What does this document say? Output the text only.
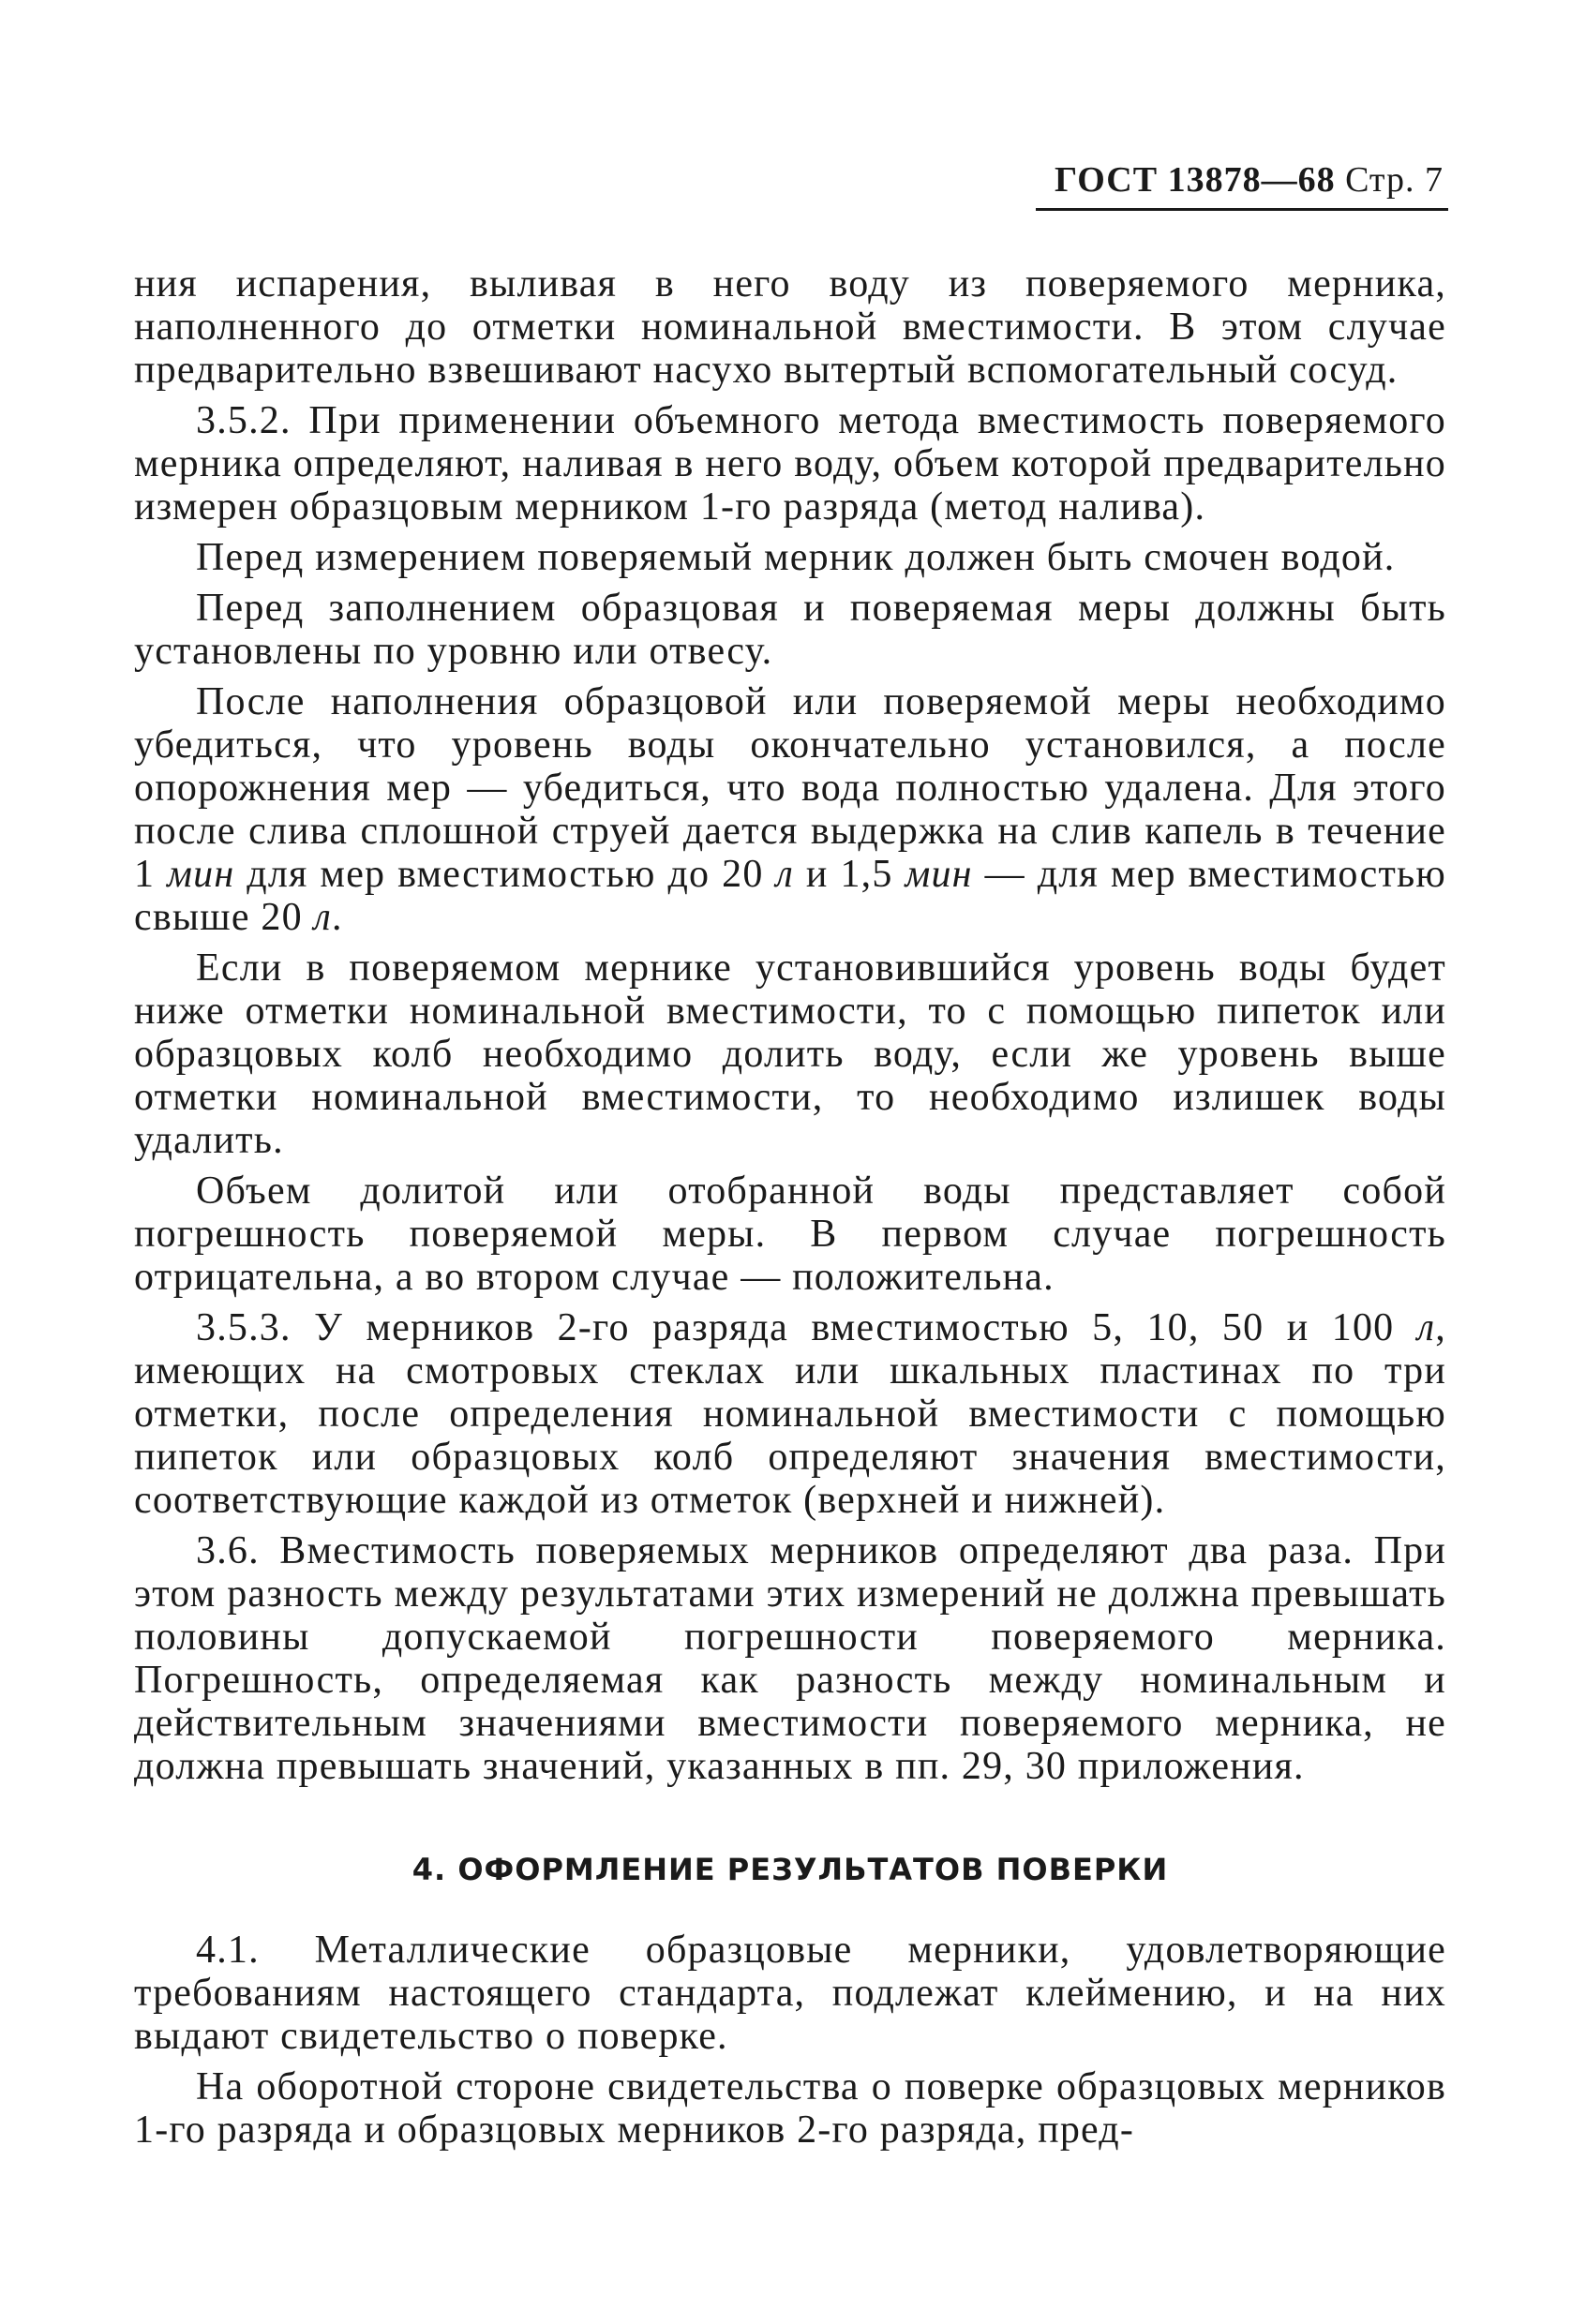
ГОСТ 13878—68 Стр. 7

ния испарения, выливая в него воду из поверяемого мерника, наполненного до отметки номинальной вместимости. В этом случае предварительно взвешивают насухо вытертый вспомогательный сосуд.

3.5.2. При применении объемного метода вместимость поверяемого мерника определяют, наливая в него воду, объем которой предварительно измерен образцовым мерником 1-го разряда (метод налива).

Перед измерением поверяемый мерник должен быть смочен водой.

Перед заполнением образцовая и поверяемая меры должны быть установлены по уровню или отвесу.

После наполнения образцовой или поверяемой меры необходимо убедиться, что уровень воды окончательно установился, а после опорожнения мер — убедиться, что вода полностью удалена. Для этого после слива сплошной струей дается выдержка на слив капель в течение 1 мин для мер вместимостью до 20 л и 1,5 мин — для мер вместимостью свыше 20 л.

Если в поверяемом мернике установившийся уровень воды будет ниже отметки номинальной вместимости, то с помощью пипеток или образцовых колб необходимо долить воду, если же уровень выше отметки номинальной вместимости, то необходимо излишек воды удалить.

Объем долитой или отобранной воды представляет собой погрешность поверяемой меры. В первом случае погрешность отрицательна, а во втором случае — положительна.

3.5.3. У мерников 2-го разряда вместимостью 5, 10, 50 и 100 л, имеющих на смотровых стеклах или шкальных пластинах по три отметки, после определения номинальной вместимости с помощью пипеток или образцовых колб определяют значения вместимости, соответствующие каждой из отметок (верхней и нижней).

3.6. Вместимость поверяемых мерников определяют два раза. При этом разность между результатами этих измерений не должна превышать половины допускаемой погрешности поверяемого мерника. Погрешность, определяемая как разность между номинальным и действительным значениями вместимости поверяемого мерника, не должна превышать значений, указанных в пп. 29, 30 приложения.

4. ОФОРМЛЕНИЕ РЕЗУЛЬТАТОВ ПОВЕРКИ

4.1. Металлические образцовые мерники, удовлетворяющие требованиям настоящего стандарта, подлежат клеймению, и на них выдают свидетельство о поверке.

На оборотной стороне свидетельства о поверке образцовых мерников 1-го разряда и образцовых мерников 2-го разряда, пред-
